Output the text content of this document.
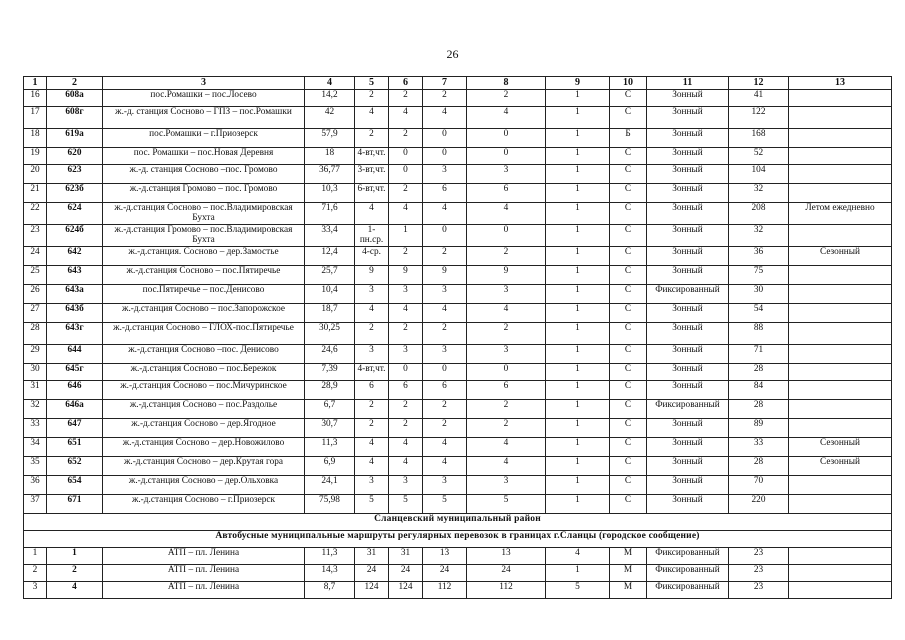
26
1	2	3	4	5	6	7	8	9	10	11	12	13
16	608а	пос.Ромашки – пос.Лосево	14,2	2	2	2	2	1	С	Зонный	41	
17	608г	ж.-д. станция Сосново – ГПЗ – пос.Ромашки	42	4	4	4	4	1	С	Зонный	122	
18	619а	пос.Ромашки – г.Приозерск	57,9	2	2	0	0	1	Б	Зонный	168	
19	620	пос. Ромашки – пос.Новая Деревня	18	4-вт,чт.	0	0	0	1	С	Зонный	52	
20	623	ж.-д. станция Сосново –пос. Громово	36,77	3-вт,чт.	0	3	3	1	С	Зонный	104	
21	623б	ж.-д.станция Громово – пос. Громово	10,3	6-вт,чт.	2	6	6	1	С	Зонный	32	
22	624	ж.-д.станция Сосново – пос.Владимировская Бухта	71,6	4	4	4	4	1	С	Зонный	208	Летом ежедневно
23	624б	ж.-д.станция Громово – пос.Владимировская Бухта	33,4	1-пн.ср.	1	0	0	1	С	Зонный	32	
24	642	ж.-д.станция. Сосново – дер.Замостье	12,4	4-ср.	2	2	2	1	С	Зонный	36	Сезонный
25	643	ж.-д.станция Сосново – пос.Пятиречье	25,7	9	9	9	9	1	С	Зонный	75	
26	643а	пос.Пятиречье – пос.Денисово	10,4	3	3	3	3	1	С	Фиксированный	30	
27	643б	ж.-д.станция Сосново – пос.Запорожское	18,7	4	4	4	4	1	С	Зонный	54	
28	643г	ж.-д.станция Сосново – ГЛОХ-пос.Пятиречье	30,25	2	2	2	2	1	С	Зонный	88	
29	644	ж.-д.станция Сосново –пос. Денисово	24,6	3	3	3	3	1	С	Зонный	71	
30	645г	ж.-д.станция Сосново – пос.Бережок	7,39	4-вт,чт.	0	0	0	1	С	Зонный	28	
31	646	ж.-д.станция Сосново – пос.Мичуринское	28,9	6	6	6	6	1	С	Зонный	84	
32	646а	ж.-д.станция Сосново – пос.Раздолье	6,7	2	2	2	2	1	С	Фиксированный	28	
33	647	ж.-д.станция Сосново – дер.Ягодное	30,7	2	2	2	2	1	С	Зонный	89	
34	651	ж.-д.станция Сосново – дер.Новожилово	11,3	4	4	4	4	1	С	Зонный	33	Сезонный
35	652	ж.-д.станция Сосново – дер.Крутая гора	6,9	4	4	4	4	1	С	Зонный	28	Сезонный
36	654	ж.-д.станция Сосново – дер.Ольховка	24,1	3	3	3	3	1	С	Зонный	70	
37	671	ж.-д.станция Сосново – г.Приозерск	75,98	5	5	5	5	1	С	Зонный	220	
Сланцевский муниципальный район												
Автобусные муниципальные маршруты регулярных перевозок в границах г.Сланцы (городское сообщение)												
1	1	АТП – пл. Ленина	11,3	31	31	13	13	4	М	Фиксированный	23	
2	2	АТП – пл. Ленина	14,3	24	24	24	24	1	М	Фиксированный	23	
3	4	АТП – пл. Ленина	8,7	124	124	112	112	5	М	Фиксированный	23	
